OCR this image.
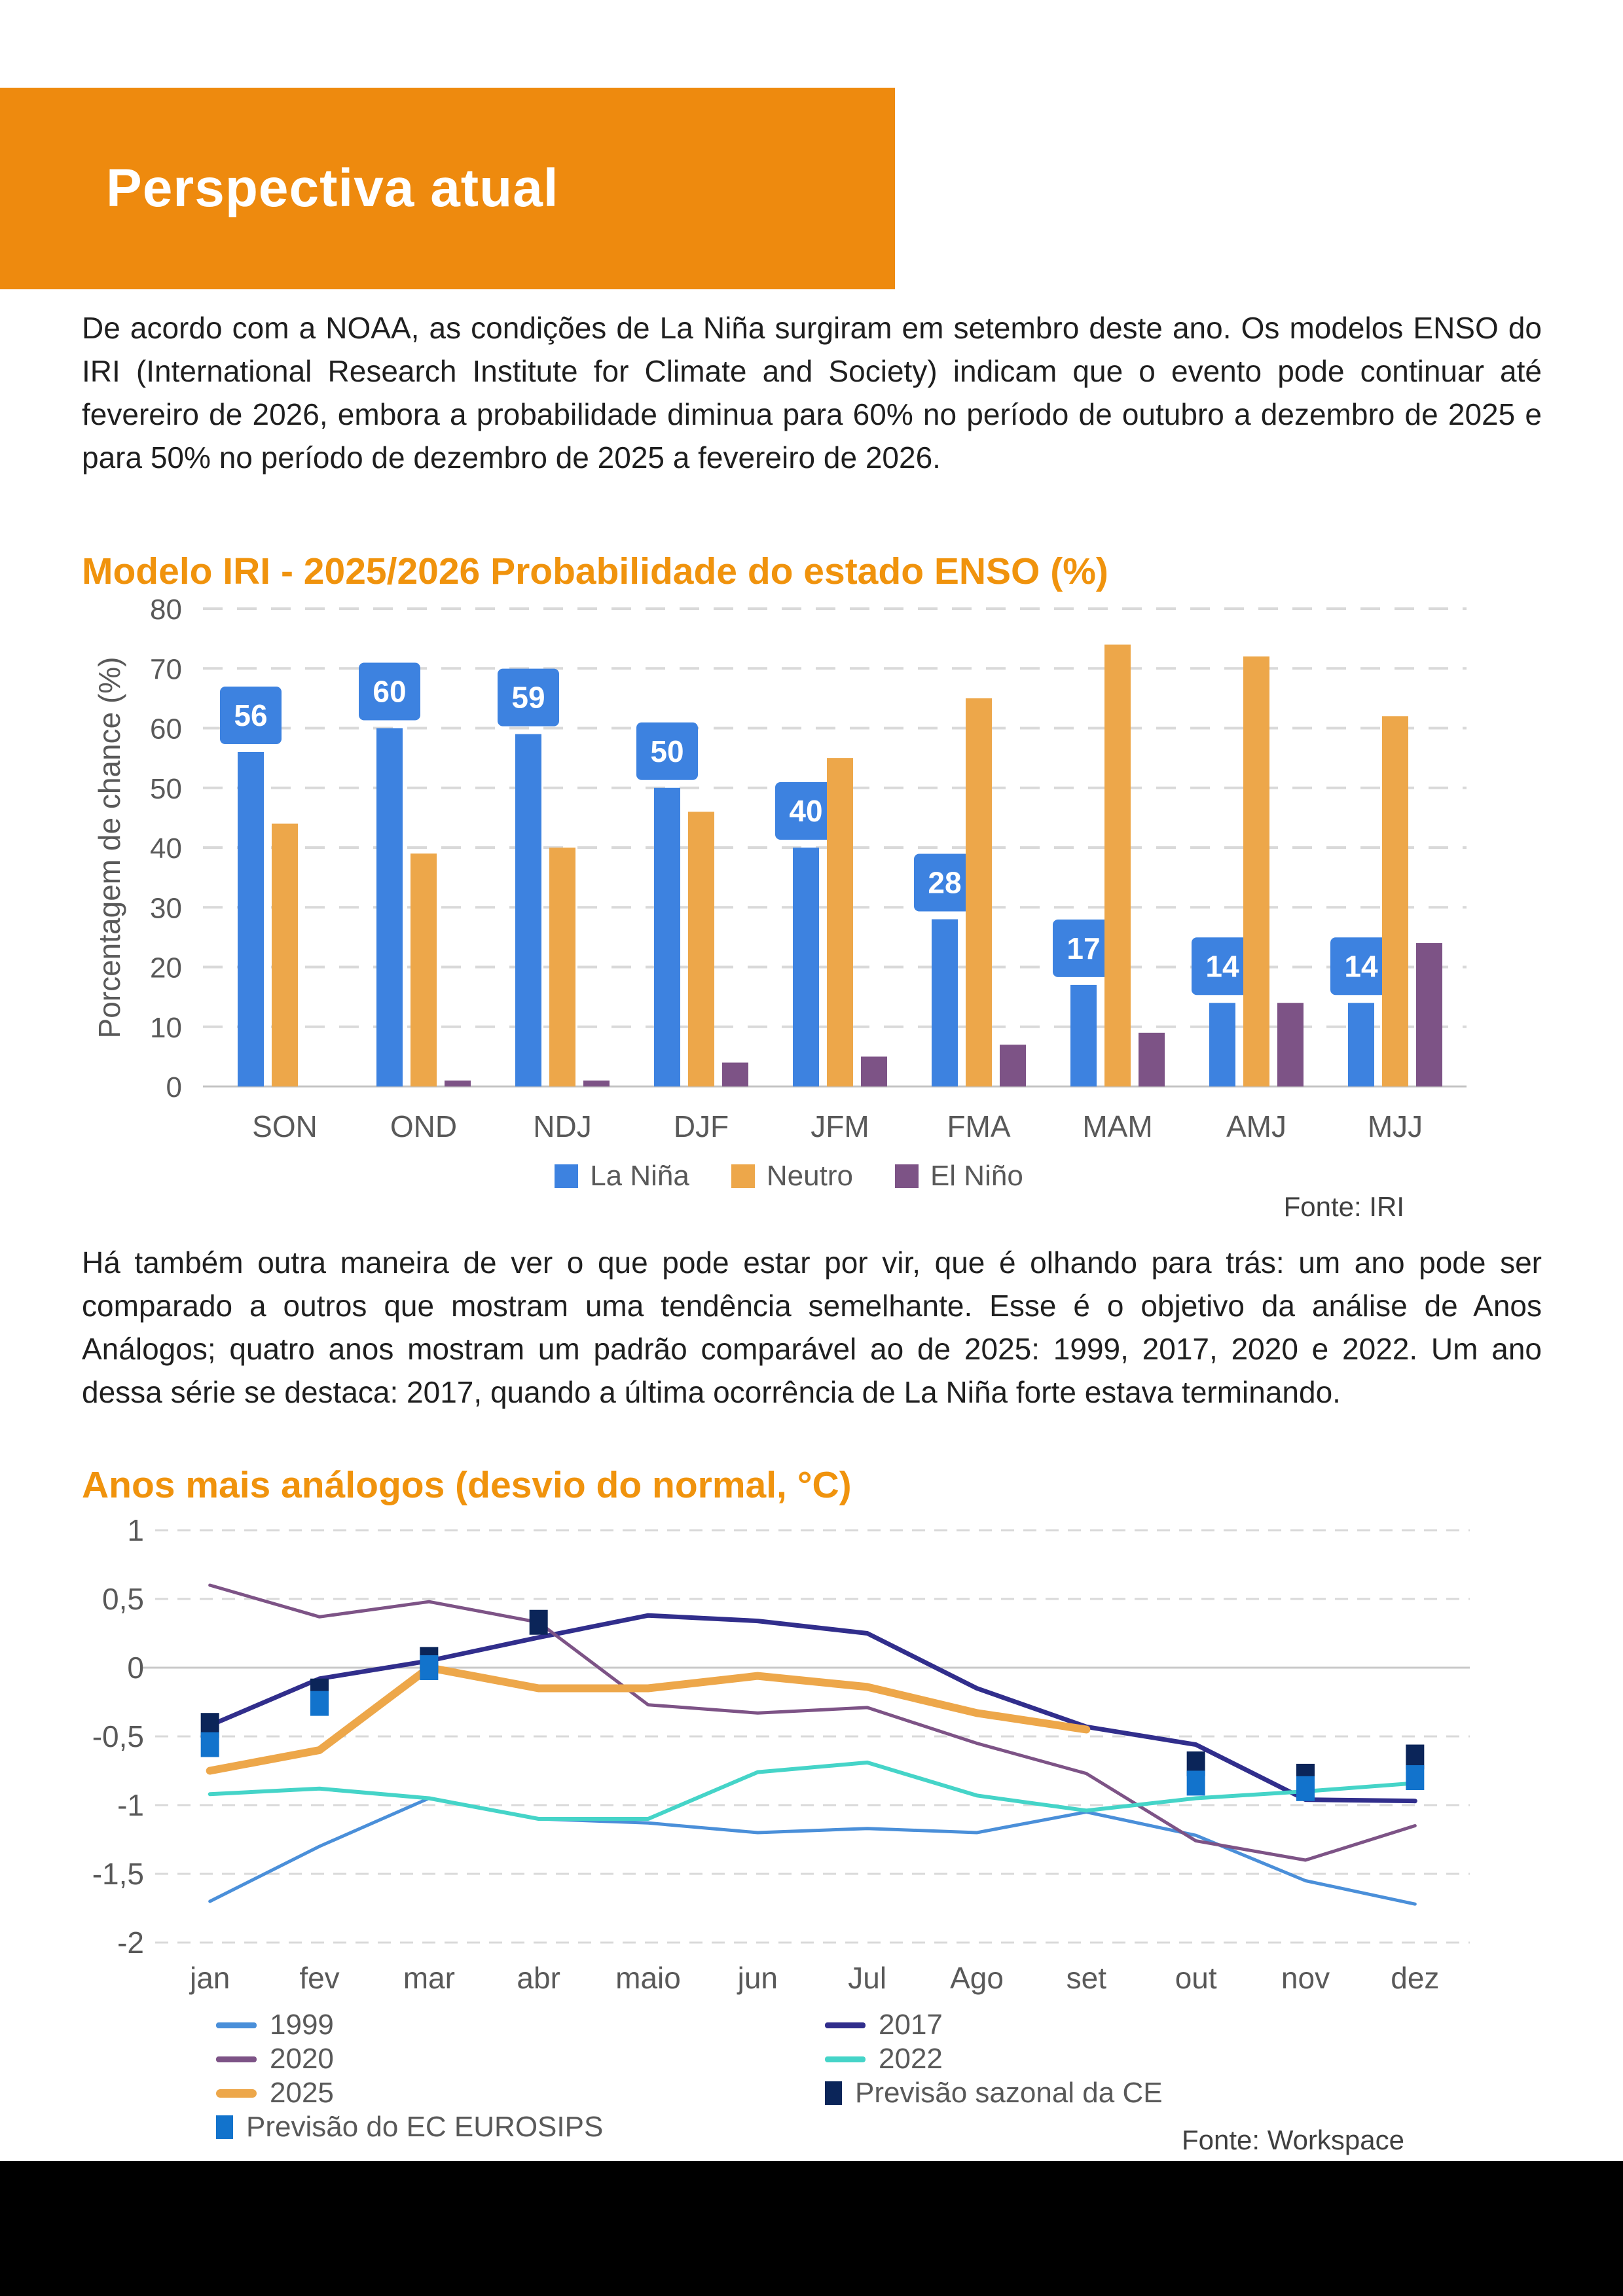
Perspectiva atual

De acordo com a NOAA, as condições de La Niña surgiram em setembro deste ano. Os modelos ENSO do IRI (International Research Institute for Climate and Society) indicam que o evento pode continuar até fevereiro de 2026, embora a probabilidade diminua para 60% no período de outubro a dezembro de 2025 e para 50% no período de dezembro de 2025 a fevereiro de 2026.

Modelo IRI - 2025/2026 Probabilidade do estado ENSO (%)
0
10
20
30
40
50
60
70
80
Porcentagem de chance (%)	56
SON
60
OND
59
NDJ
50
DJF
40
JFM
28
FMA
17
MAM
14
AMJ
14
MJJ
La Niña	Neutro	El Niño
Fonte: IRI

Há também outra maneira de ver o que pode estar por vir, que é olhando para trás: um ano pode ser comparado a outros que mostram uma tendência semelhante. Esse é o objetivo da análise de Anos Análogos; quatro anos mostram um padrão comparável ao de 2025: 1999, 2017, 2020 e 2022. Um ano dessa série se destaca: 2017, quando a última ocorrência de La Niña forte estava terminando.

Anos mais análogos (desvio do normal, °C)
1
0,5
0
-0,5
-1
-1,5
-2
jan fev mar abr maio jun Jul Ago set out nov dez
1999	2017
2020	2022
2025	Previsão sazonal da CE
Previsão do EC EUROSIPS	Fonte: Workspace
